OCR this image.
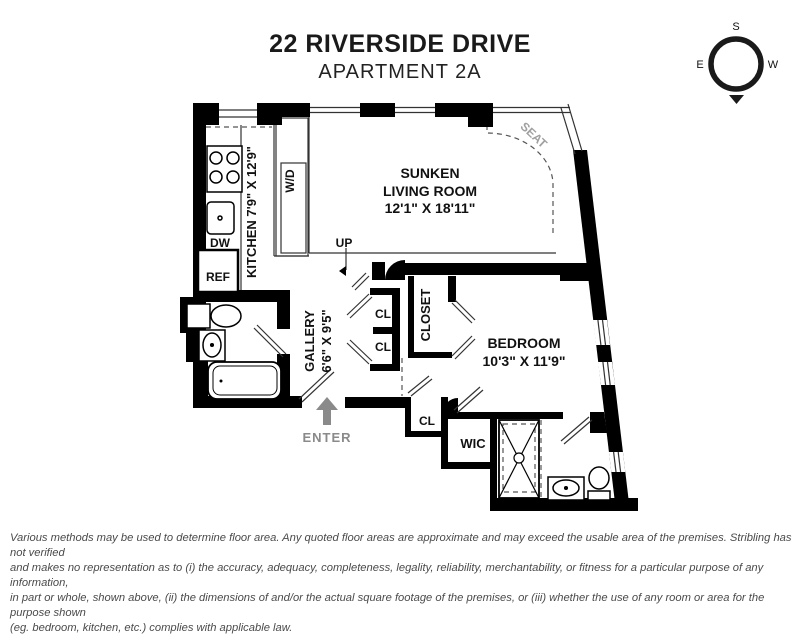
22 RIVERSIDE DRIVE
APARTMENT 2A
KITCHEN 7'9" X 12'9" W/D
DW
REF
UP
SUNKEN
LIVING ROOM
12'1" X 18'11"
SEAT
GALLERY 6'6" X 9'5"	CL
CL
CLOSET
BEDROOM
10'3" X 11'9"
CL
WIC
ENTER
S
E	W
Various methods may be used to determine floor area. Any quoted floor areas are approximate and may exceed the usable area of the premises. Stribling has not verified
and makes no representation as to (i) the accuracy, adequacy, completeness, legality, reliability, merchantability, or fitness for a particular purpose of any information,
in part or whole, shown above, (ii) the dimensions of and/or the actual square footage of the premises, or (iii) whether the use of any room or area for the purpose shown
(eg. bedroom, kitchen, etc.) complies with applicable law.
